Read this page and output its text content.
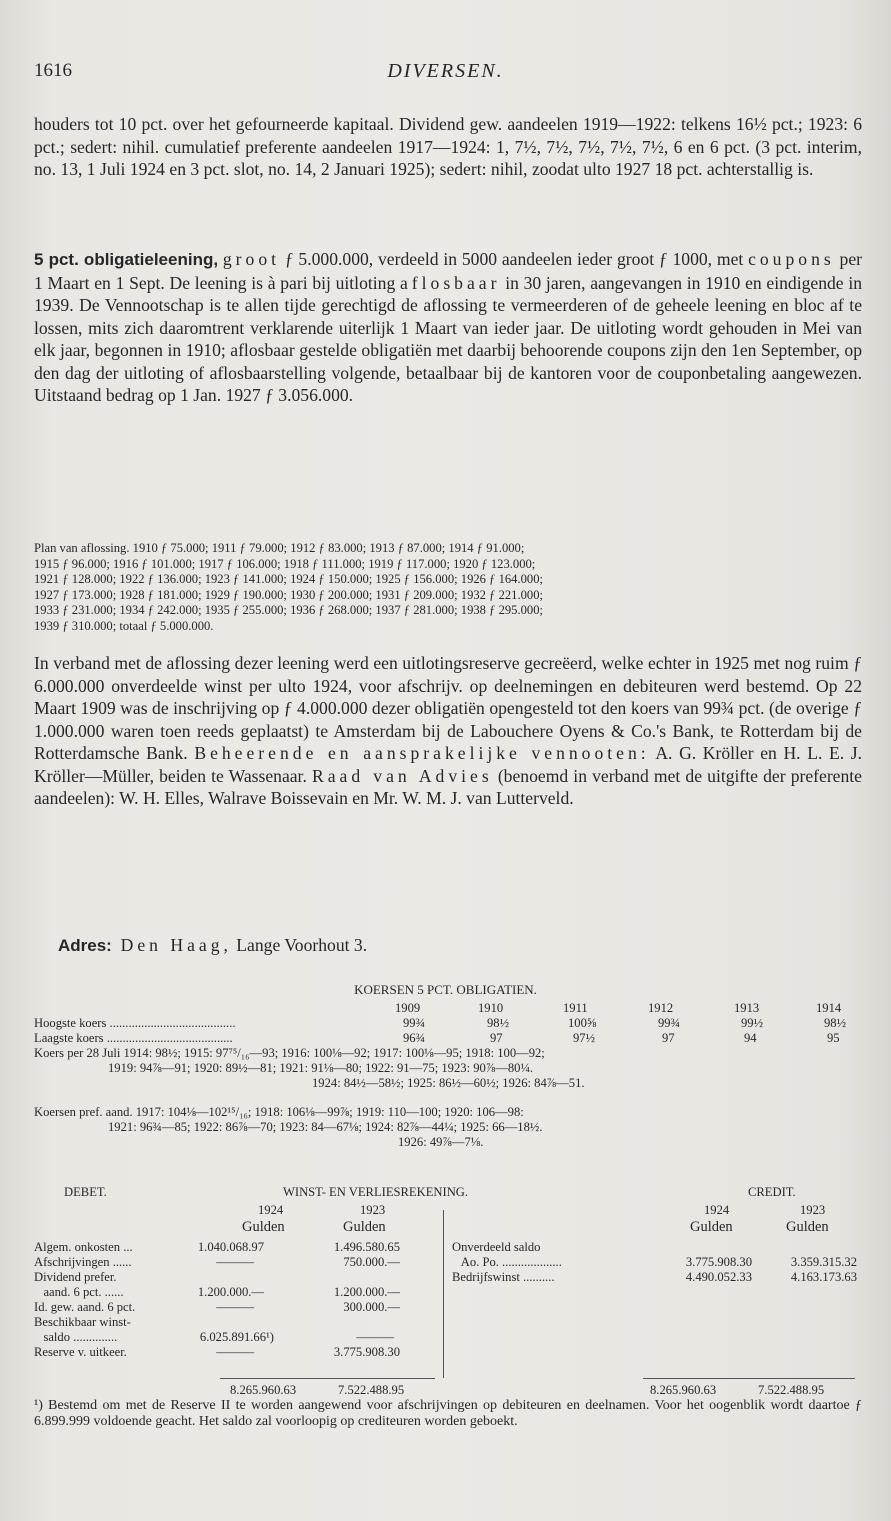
1616	DIVERSEN.

houders tot 10 pct. over het gefourneerde kapitaal. Dividend gew. aandeelen 1919—1922: telkens 16½ pct.; 1923: 6 pct.; sedert: nihil. cumulatief preferente aandeelen 1917—1924: 1, 7½, 7½, 7½, 7½, 7½, 6 en 6 pct. (3 pct. interim, no. 13, 1 Juli 1924 en 3 pct. slot, no. 14, 2 Januari 1925); sedert: nihil, zoodat ulto 1927 18 pct. achterstallig is.

5 pct. obligatieleening, groot ƒ 5.000.000, verdeeld in 5000 aandeelen ieder groot ƒ 1000, met coupons per 1 Maart en 1 Sept. De leening is à pari bij uitloting aflosbaar in 30 jaren, aangevangen in 1910 en eindigende in 1939. De Vennootschap is te allen tijde gerechtigd de aflossing te vermeerderen of de geheele leening en bloc af te lossen, mits zich daaromtrent verklarende uiterlijk 1 Maart van ieder jaar. De uitloting wordt gehouden in Mei van elk jaar, begonnen in 1910; aflosbaar gestelde obligatiën met daarbij behoorende coupons zijn den 1en September, op den dag der uitloting of aflosbaarstelling volgende, betaalbaar bij de kantoren voor de couponbetaling aangewezen. Uitstaand bedrag op 1 Jan. 1927 ƒ 3.056.000.

Plan van aflossing. 1910 ƒ 75.000; 1911 ƒ 79.000; 1912 ƒ 83.000; 1913 ƒ 87.000; 1914 ƒ 91.000;

1915 ƒ 96.000; 1916 ƒ 101.000; 1917 ƒ 106.000; 1918 ƒ 111.000; 1919 ƒ 117.000; 1920 ƒ 123.000;

1921 ƒ 128.000; 1922 ƒ 136.000; 1923 ƒ 141.000; 1924 ƒ 150.000; 1925 ƒ 156.000; 1926 ƒ 164.000;

1927 ƒ 173.000; 1928 ƒ 181.000; 1929 ƒ 190.000; 1930 ƒ 200.000; 1931 ƒ 209.000; 1932 ƒ 221.000;

1933 ƒ 231.000; 1934 ƒ 242.000; 1935 ƒ 255.000; 1936 ƒ 268.000; 1937 ƒ 281.000; 1938 ƒ 295.000;

1939 ƒ 310.000; totaal ƒ 5.000.000.

In verband met de aflossing dezer leening werd een uitlotingsreserve gecreëerd, welke echter in 1925 met nog ruim ƒ 6.000.000 onverdeelde winst per ulto 1924, voor afschrijv. op deelnemingen en debiteuren werd bestemd. Op 22 Maart 1909 was de inschrijving op ƒ 4.000.000 dezer obligatiën opengesteld tot den koers van 99¾ pct. (de overige ƒ 1.000.000 waren toen reeds geplaatst) te Amsterdam bij de Labouchere Oyens & Co.'s Bank, te Rotterdam bij de Rotterdamsche Bank. Beheerende en aansprakelijke vennooten: A. G. Kröller en H. L. E. J. Kröller—Müller, beiden te Wassenaar. Raad van Advies (benoemd in verband met de uitgifte der preferente aandeelen): W. H. Elles, Walrave Boissevain en Mr. W. M. J. van Lutterveld.

Adres: Den Haag, Lange Voorhout 3.
KOERSEN 5 PCT. OBLIGATIEN.
1909	1910	1911	1912	1913	1914
Hoogste koers ........................................	99¾	98½	100⅝	99¾	99½	98½
Laagste koers ........................................	96¾	97	97½	97	94	95
Koers per 28 Juli 1914: 98½; 1915: 97⁷⁵/₁₆—93; 1916: 100⅛—92; 1917: 100⅛—95; 1918: 100—92;
1919: 94⅞—91; 1920: 89½—81; 1921: 91⅛—80; 1922: 91—75; 1923: 90⅞—80¼.
1924: 84½—58½; 1925: 86½—60½; 1926: 84⅞—51.
Koersen pref. aand. 1917: 104⅛—102¹⁵/₁₆; 1918: 106⅛—99⅞; 1919: 110—100; 1920: 106—98:
1921: 96¾—85; 1922: 86⅞—70; 1923: 84—67⅛; 1924: 82⅞—44¼; 1925: 66—18½.
1926: 49⅞—7⅛.
DEBET.	WINST- EN VERLIESREKENING.	CREDIT.
1924	1923
Gulden	Gulden
1924	1923
Gulden	Gulden
Algem. onkosten ...	1.040.068.97	1.496.580.65
Afschrijvingen ......	———	750.000.—
Dividend prefer.
aand. 6 pct. ......	1.200.000.—	1.200.000.—
Id. gew. aand. 6 pct.	———	300.000.—
Beschikbaar winst-
saldo ..............	6.025.891.66¹)	———
Reserve v. uitkeer.	———	3.775.908.30
Onverdeeld saldo
Ao. Po. ...................	3.775.908.30	3.359.315.32
Bedrijfswinst ..........	4.490.052.33	4.163.173.63
8.265.960.63	7.522.488.95	8.265.960.63	7.522.488.95
¹) Bestemd om met de Reserve II te worden aangewend voor afschrijvingen op debiteuren en deelnamen. Voor het oogenblik wordt daartoe ƒ 6.899.999 voldoende geacht. Het saldo zal voorloopig op crediteuren worden geboekt.
